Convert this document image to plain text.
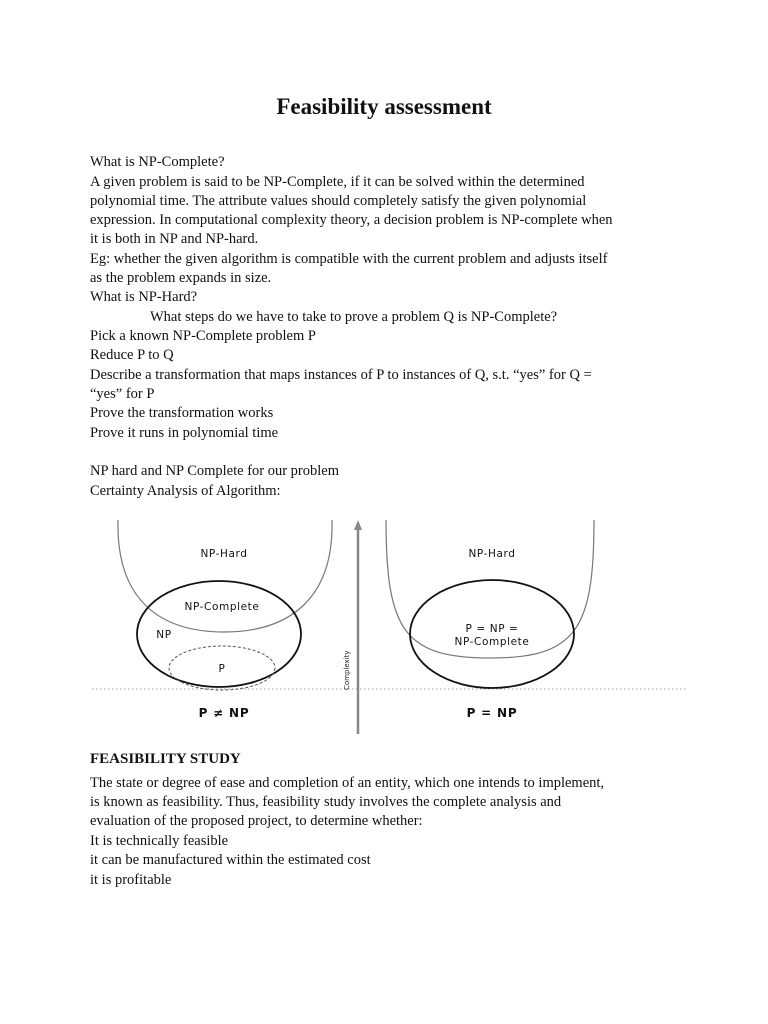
Feasibility assessment
What is NP-Complete?
A given problem is said to be NP-Complete, if it can be solved within the determined
polynomial time. The attribute values should completely satisfy the given polynomial
expression. In computational complexity theory, a decision problem is NP-complete when
it is both in NP and NP-hard.
Eg: whether the given algorithm is compatible with the current problem and adjusts itself
as the problem expands in size.
What is NP-Hard?
What steps do we have to take to prove a problem Q is NP-Complete?
Pick a known NP-Complete problem P
Reduce P to Q
Describe a transformation that maps instances of P to instances of Q, s.t. “yes” for Q =
“yes” for P
Prove the transformation works
Prove it runs in polynomial time
NP hard and NP Complete for our problem
Certainty Analysis of Algorithm:
NP-Hard
NP-Complete
NP
P
P ≠ NP
Complexity
NP-Hard
P = NP =
NP-Complete
P = NP
FEASIBILITY STUDY
The state or degree of ease and completion of an entity, which one intends to implement,
is known as feasibility. Thus, feasibility study involves the complete analysis and
evaluation of the proposed project, to determine whether:
It is technically feasible
it can be manufactured within the estimated cost
it is profitable
